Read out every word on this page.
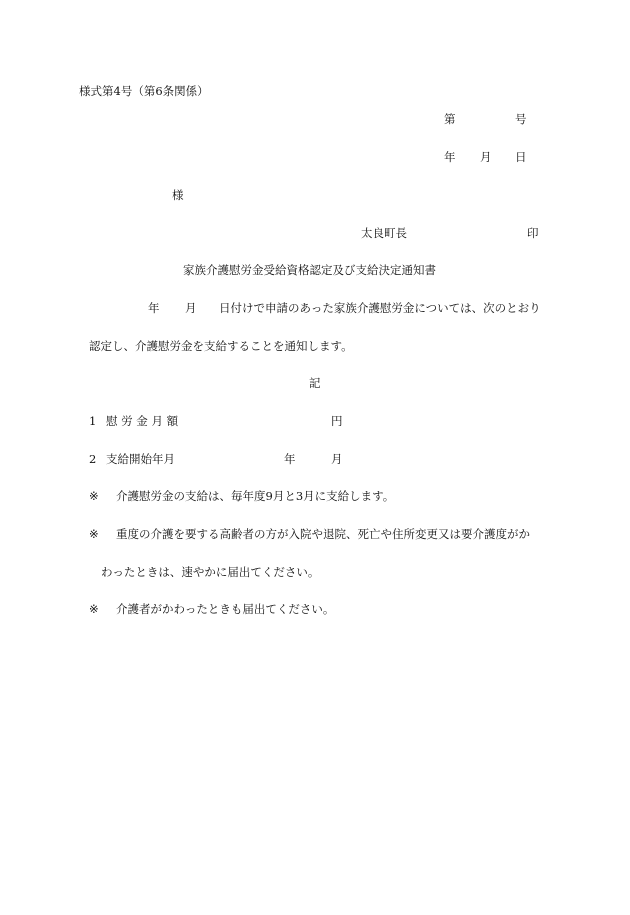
様式第4号（第6条関係）
第	号
年 月 日
様
太良町長	印
家族介護慰労金受給資格認定及び支給決定通知書
年 月 日付けで申請のあった家族介護慰労金については、次のとおり
認定し、介護慰労金を支給することを通知します。
記
1 慰 労 金 月 額	円
2 支給開始年月	年	月
※ 介護慰労金の支給は、毎年度9月と3月に支給します。
※ 重度の介護を要する高齢者の方が入院や退院、死亡や住所変更又は要介護度がか
わったときは、速やかに届出てください。
※ 介護者がかわったときも届出てください。
